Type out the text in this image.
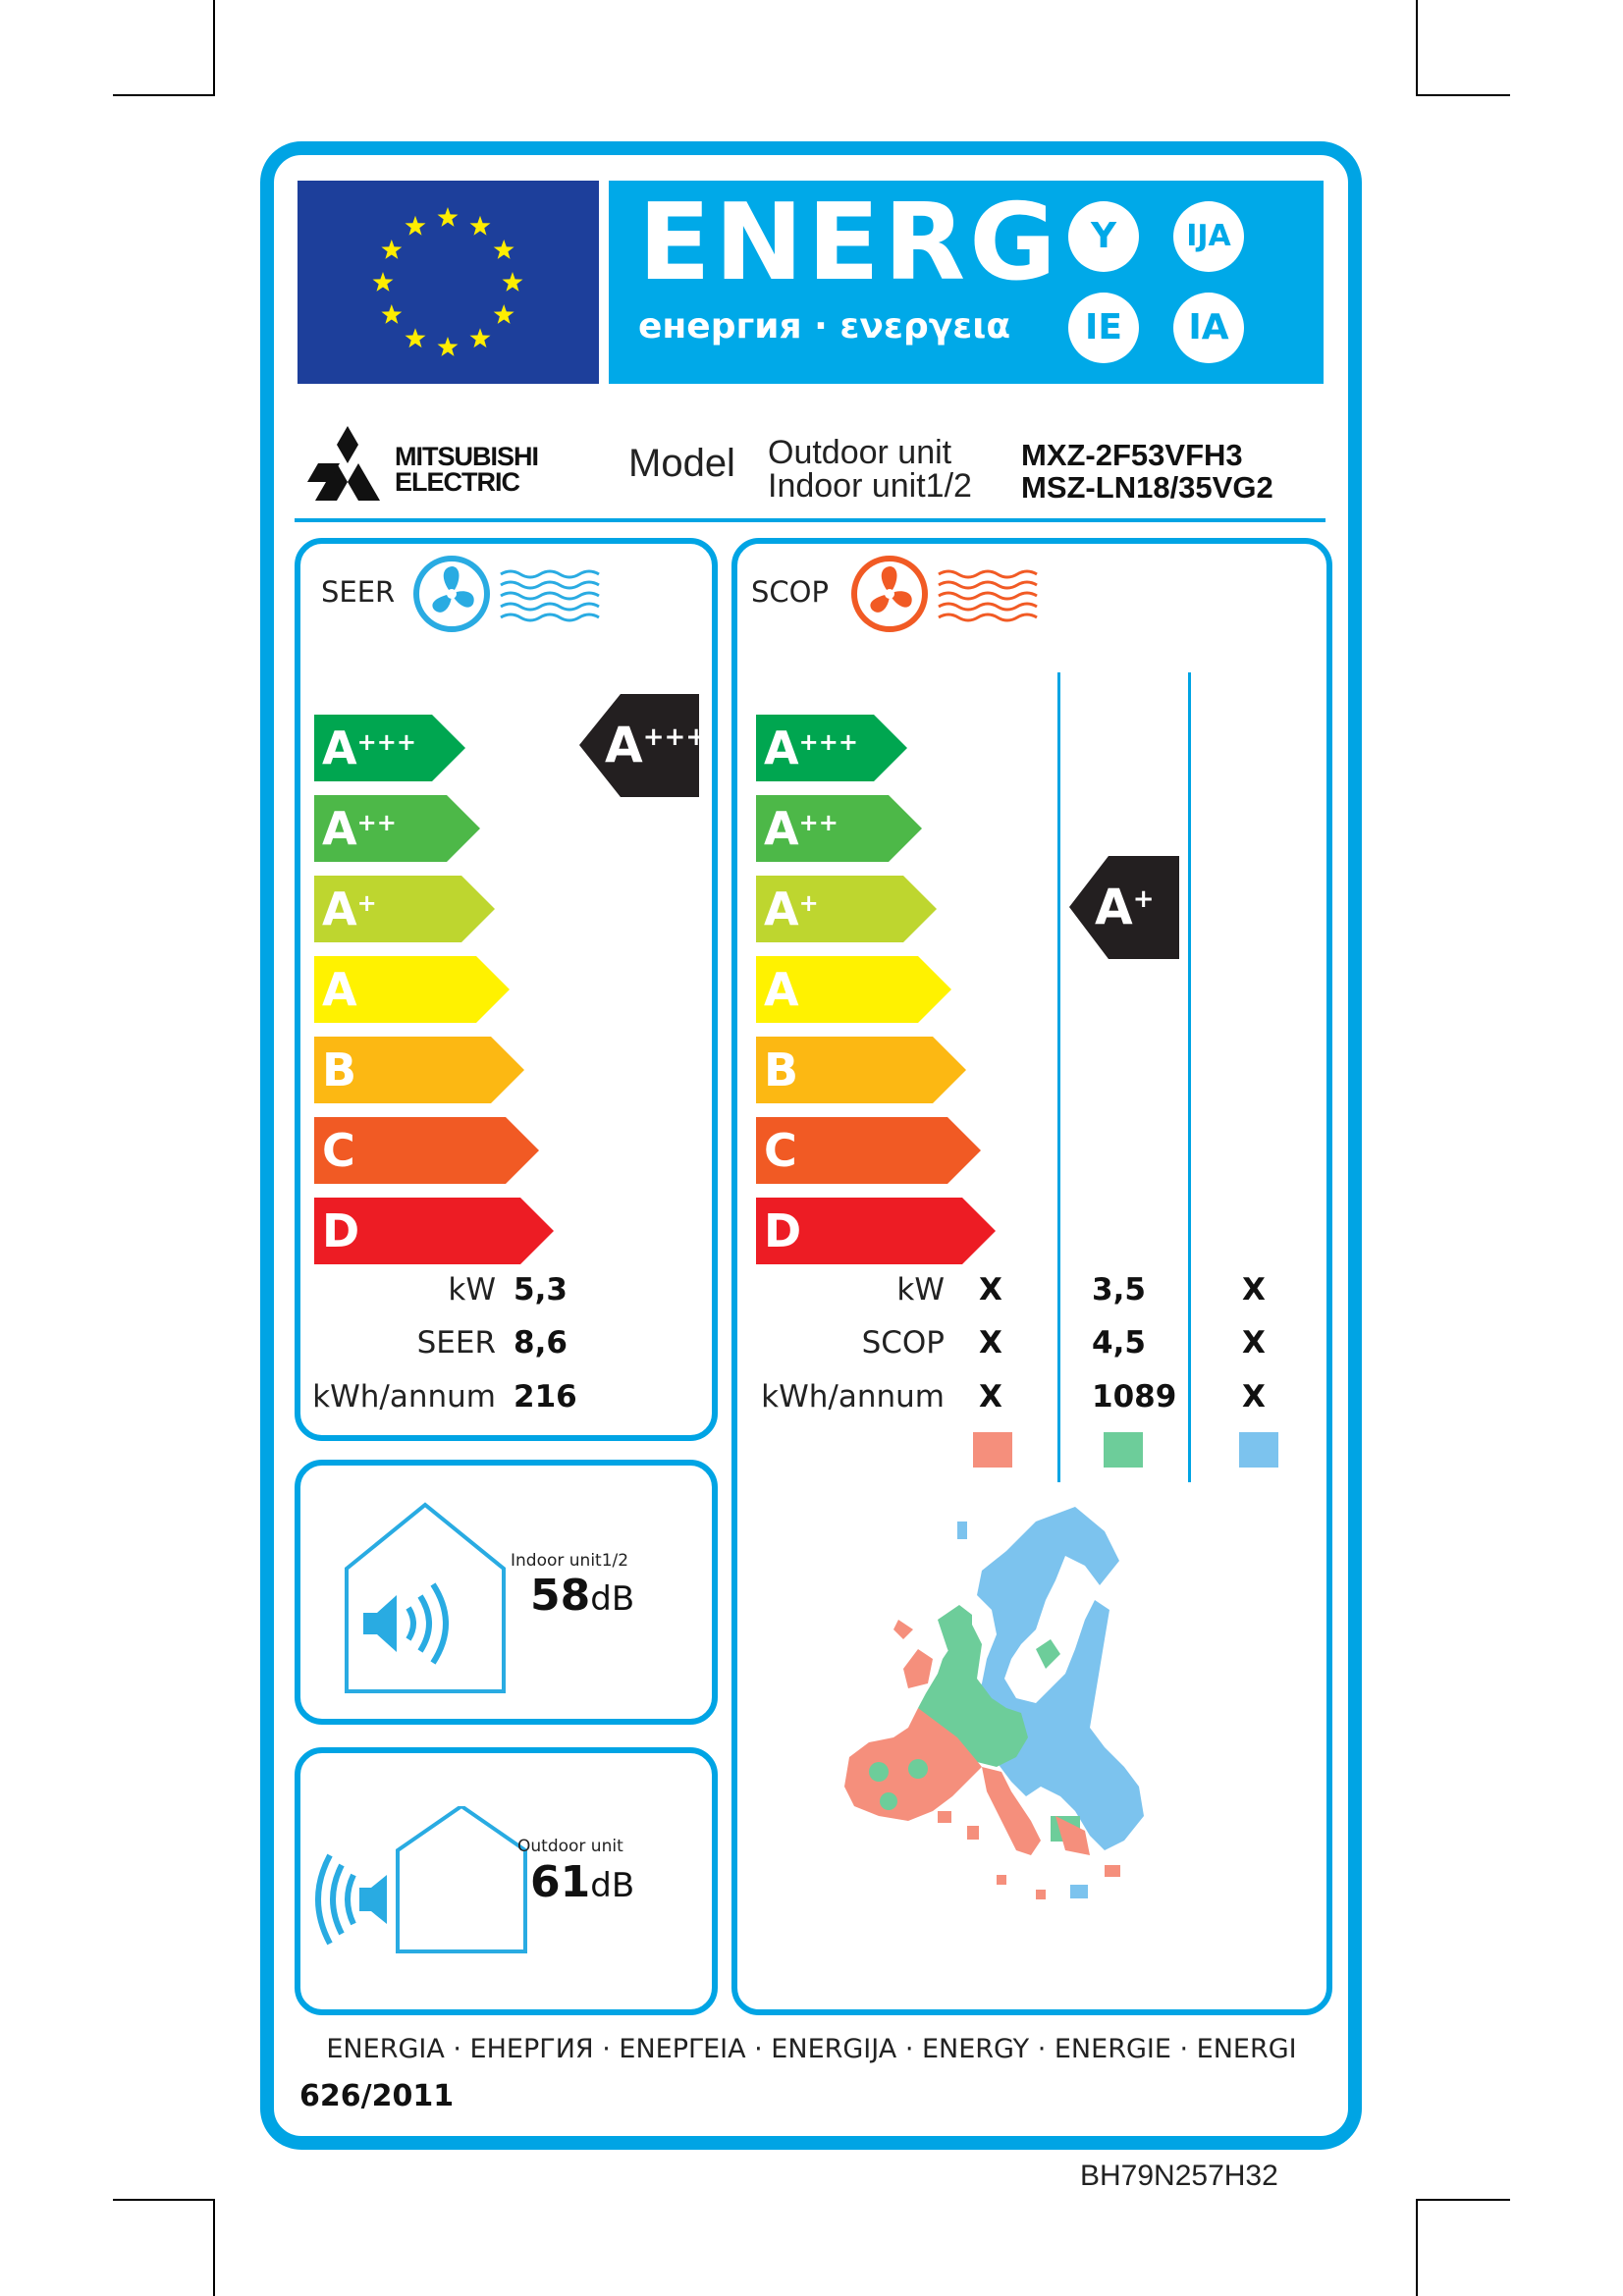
ENERG
енергия · ενεργεια
Y	IJA
IE	IA
MITSUBISHI
ELECTRIC	Model Outdoor unit
Indoor unit1/2
MXZ-2F53VFH3
MSZ-LN18/35VG2
SEER
A+++
A++
A+
A
B
C
D
A+++
kW 5,3
SEER 8,6
kWh/annum 216
SCOP
A+++
A++
A+
A
B
C
D
A+
kW X	3,5	X
SCOP X	4,5	X
kWh/annum X	1089 X
Indoor unit1/2
58dB
Outdoor unit
61dB
ENERGIA · ЕНЕРГИЯ · ΕΝΕΡΓΕΙΑ · ENERGIJA · ENERGY · ENERGIE · ENERGI
626/2011
BH79N257H32
